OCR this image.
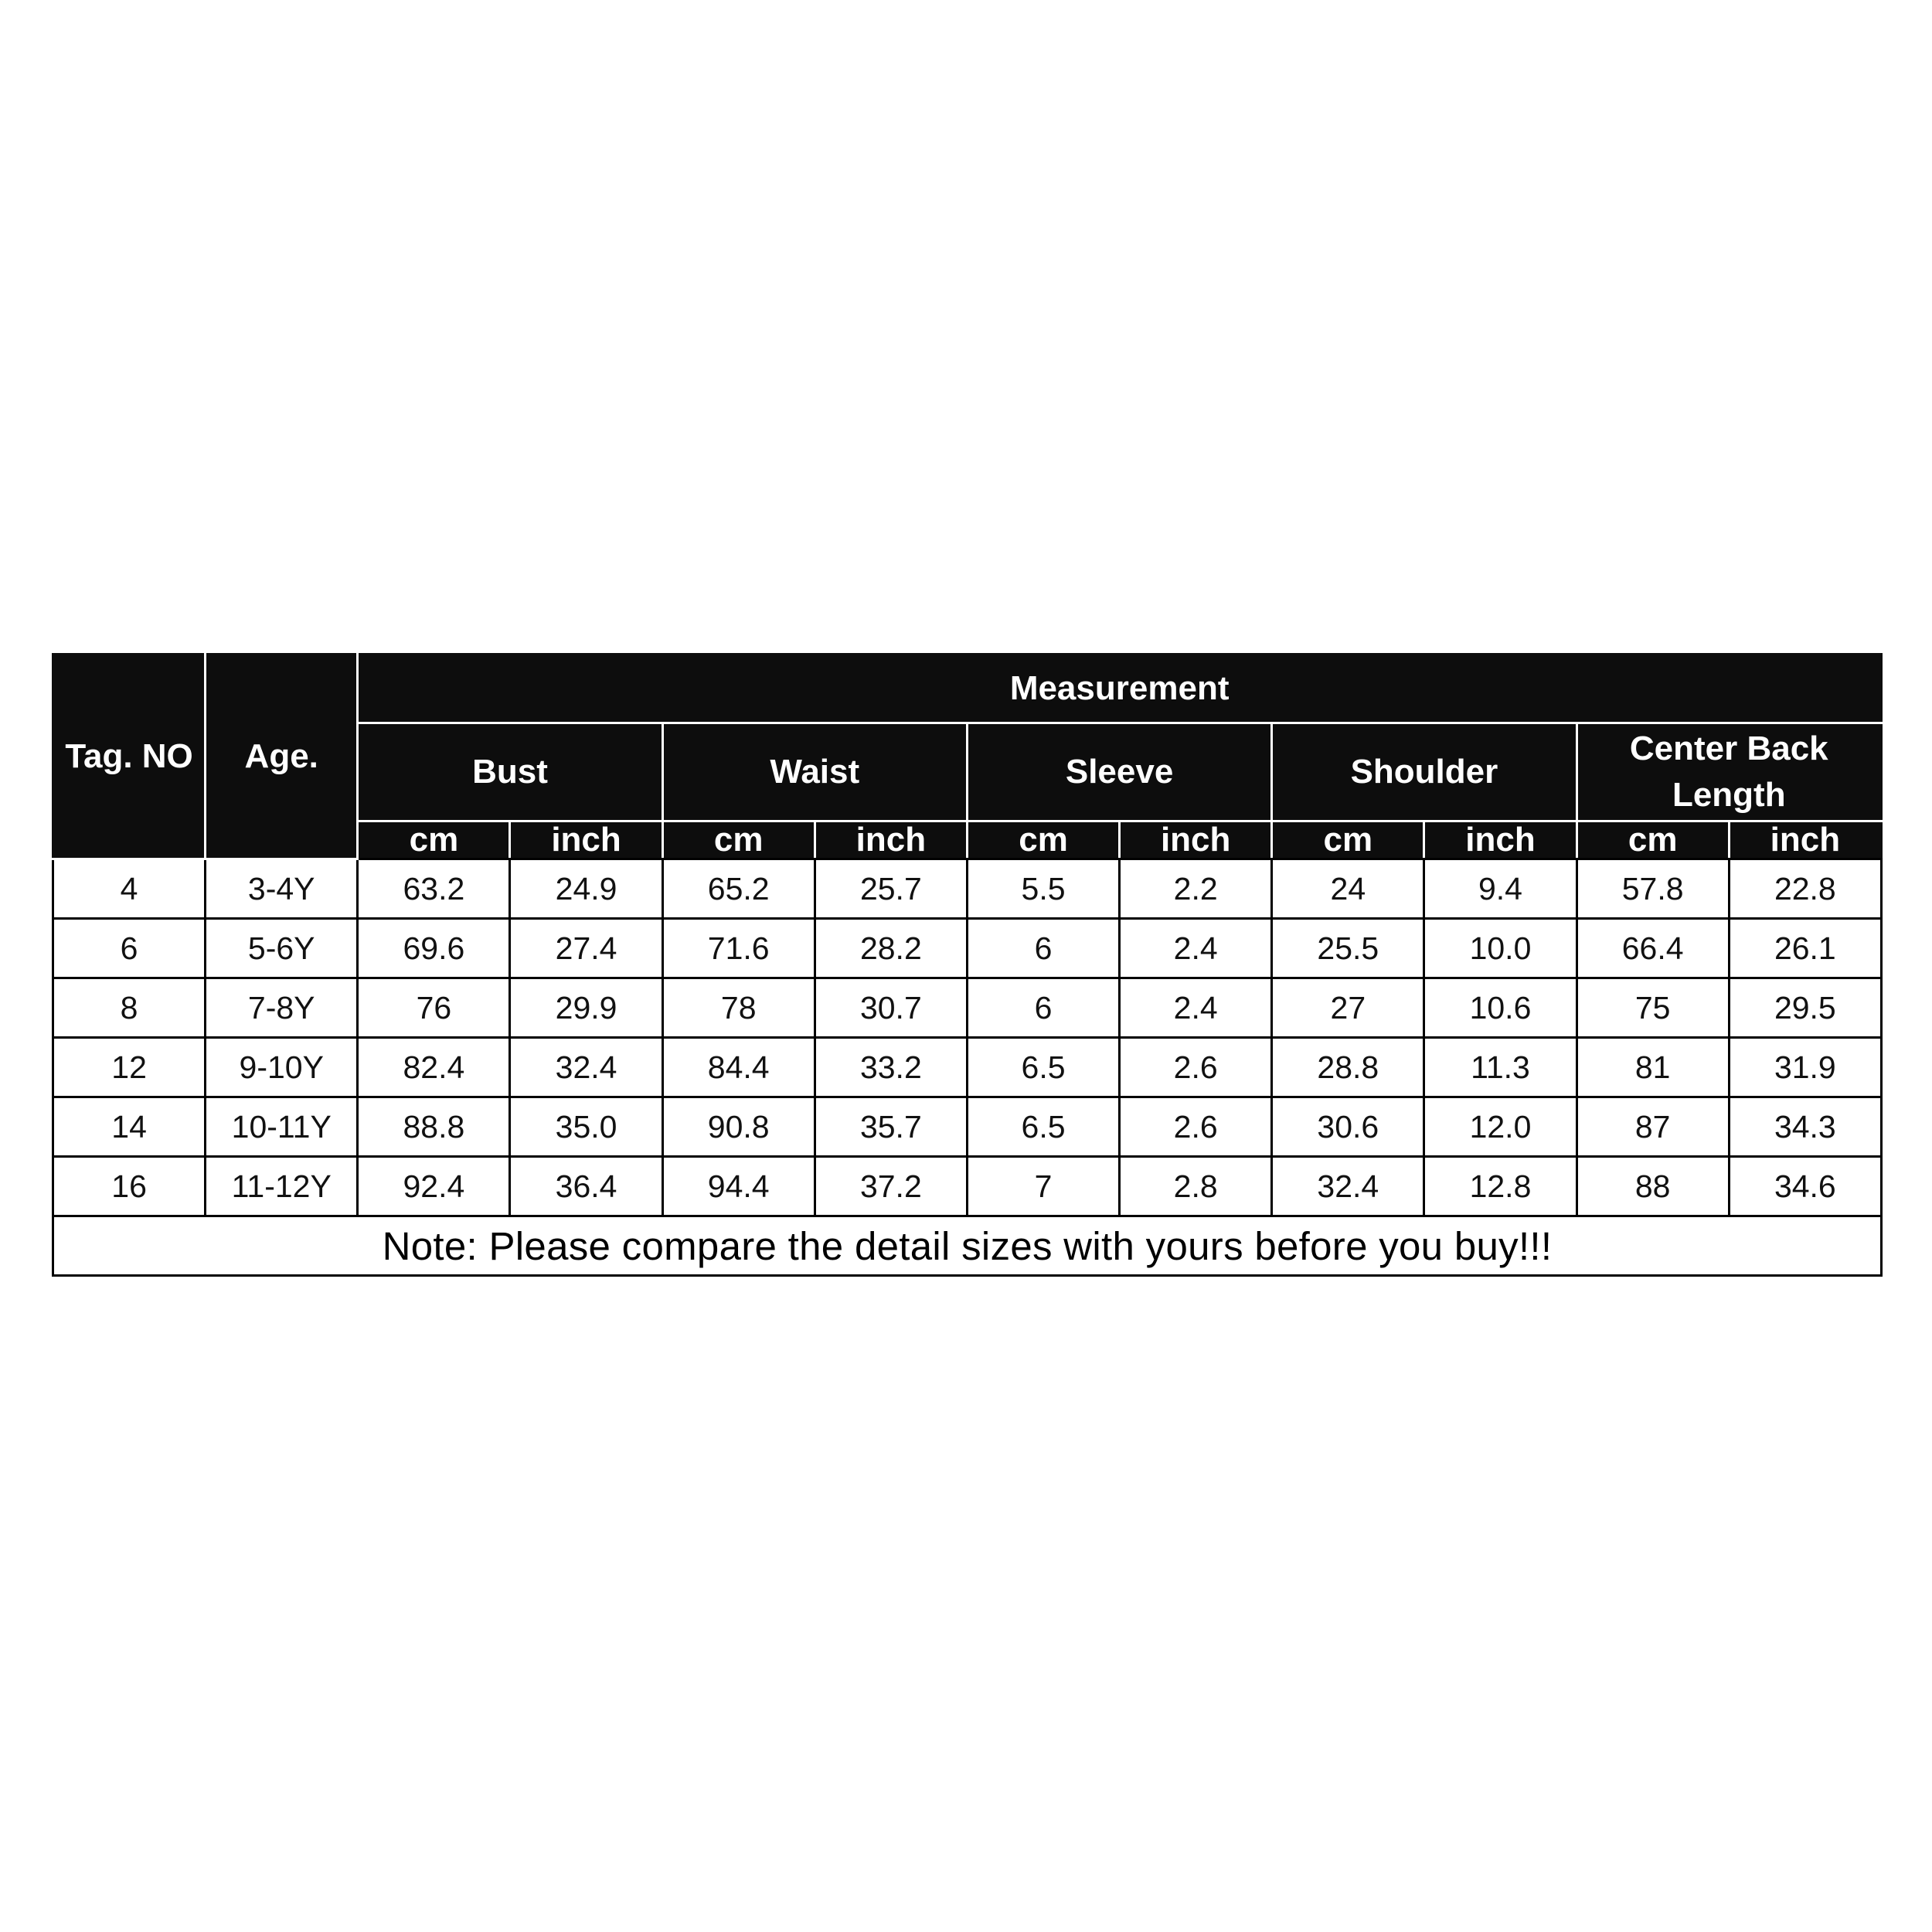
Tag. NO	Age.	Measurement									
		Bust		Waist		Sleeve		Shoulder		Center Back Length	
		cm	inch	cm	inch	cm	inch	cm	inch	cm	inch
4	3-4Y	63.2	24.9	65.2	25.7	5.5	2.2	24	9.4	57.8	22.8
6	5-6Y	69.6	27.4	71.6	28.2	6	2.4	25.5	10.0	66.4	26.1
8	7-8Y	76	29.9	78	30.7	6	2.4	27	10.6	75	29.5
12	9-10Y	82.4	32.4	84.4	33.2	6.5	2.6	28.8	11.3	81	31.9
14	10-11Y	88.8	35.0	90.8	35.7	6.5	2.6	30.6	12.0	87	34.3
16	11-12Y	92.4	36.4	94.4	37.2	7	2.8	32.4	12.8	88	34.6
Note: Please compare the detail sizes with yours before you buy!!!											
